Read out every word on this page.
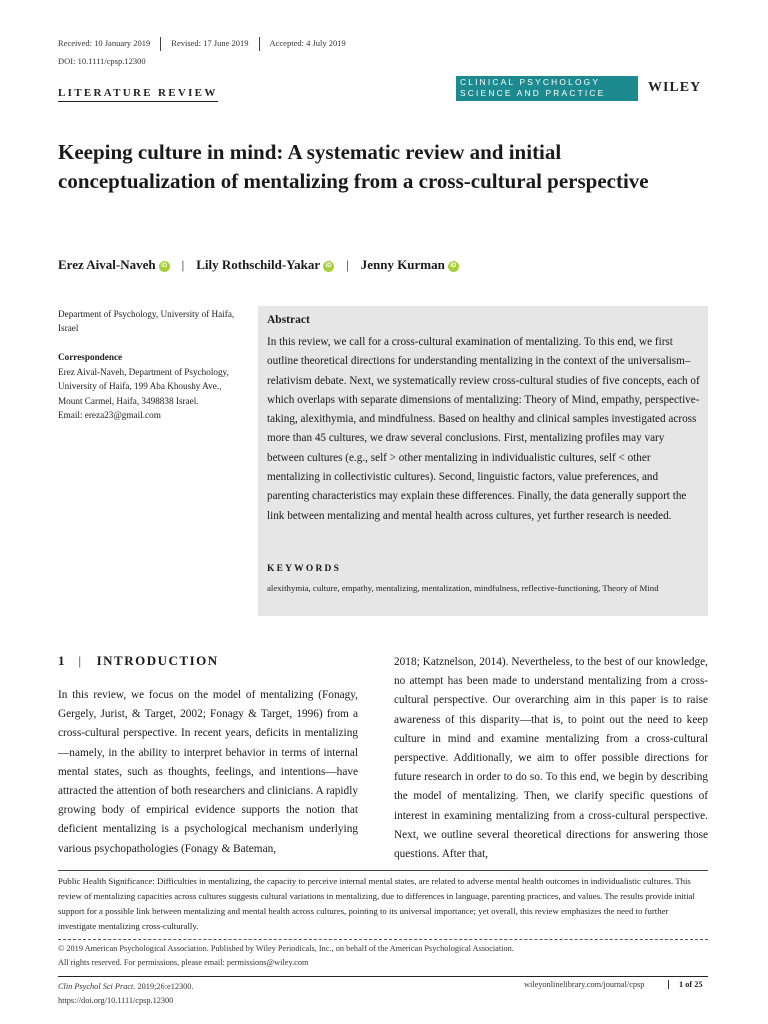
Received: 10 January 2019 Revised: 17 June 2019 Accepted: 4 July 2019
DOI: 10.1111/cpsp.12300
LITERATURE REVIEW
CLINICAL PSYCHOLOGY
SCIENCE AND PRACTICE	WILEY
Keeping culture in mind: A systematic review and initial conceptualization of mentalizing from a cross-cultural perspective
Erez Aival-Naveh iD | Lily Rothschild-Yakar iD | Jenny Kurman iD
Department of Psychology, University of Haifa, Israel
Correspondence
Erez Aival-Naveh, Department of Psychology, University of Haifa, 199 Aba Khoushy Ave., Mount Carmel, Haifa, 3498838 Israel.
Email: ereza23@gmail.com
Abstract
In this review, we call for a cross-cultural examination of mentalizing. To this end, we first outline theoretical directions for understanding mentalizing in the context of the universalism–relativism debate. Next, we systematically review cross-cultural studies of five concepts, each of which overlaps with separate dimensions of mentalizing: Theory of Mind, empathy, perspective-taking, alexithymia, and mindfulness. Based on healthy and clinical samples investigated across more than 45 cultures, we draw several conclusions. First, mentalizing profiles may vary between cultures (e.g., self > other mentalizing in individualistic cultures, self < other mentalizing in collectivistic cultures). Second, linguistic factors, value preferences, and parenting characteristics may explain these differences. Finally, the data generally support the link between mentalizing and mental health across cultures, yet further research is needed.
KEYWORDS
alexithymia, culture, empathy, mentalizing, mentalization, mindfulness, reflective-functioning, Theory of Mind
1 | INTRODUCTION
In this review, we focus on the model of mentalizing (Fonagy, Gergely, Jurist, & Target, 2002; Fonagy & Target, 1996) from a cross-cultural perspective. In recent years, deficits in mentalizing—namely, in the ability to interpret behavior in terms of internal mental states, such as thoughts, feelings, and intentions—have attracted the attention of both researchers and clinicians. A rapidly growing body of empirical evidence supports the notion that deficient mentalizing is a psychological mechanism underlying various psychopathologies (Fonagy & Bateman,
2018; Katznelson, 2014). Nevertheless, to the best of our knowledge, no attempt has been made to understand mentalizing from a cross-cultural perspective. Our overarching aim in this paper is to raise awareness of this disparity—that is, to point out the need to keep culture in mind and examine mentalizing from a cross-cultural perspective. Additionally, we aim to offer possible directions for future research in order to do so. To this end, we begin by describing the model of mentalizing. Then, we clarify specific questions of interest in examining mentalizing from a cross-cultural perspective. Next, we outline several theoretical directions for answering those questions. After that,
Public Health Significance: Difficulties in mentalizing, the capacity to perceive internal mental states, are related to adverse mental health outcomes in individualistic cultures. This review of mentalizing capacities across cultures suggests cultural variations in mentalizing, due to differences in language, parenting practices, and values. The results provide initial support for a possible link between mentalizing and mental health across cultures, pointing to its universal importance; yet overall, this review emphasizes the need to further investigate mentalizing cross-culturally.
© 2019 American Psychological Association. Published by Wiley Periodicals, Inc., on behalf of the American Psychological Association.
All rights reserved. For permissions, please email: permissions@wiley.com
Clin Psychol Sci Pract. 2019;26:e12300.
https://doi.org/10.1111/cpsp.12300
wileyonlinelibrary.com/journal/cpsp	1 of 25
